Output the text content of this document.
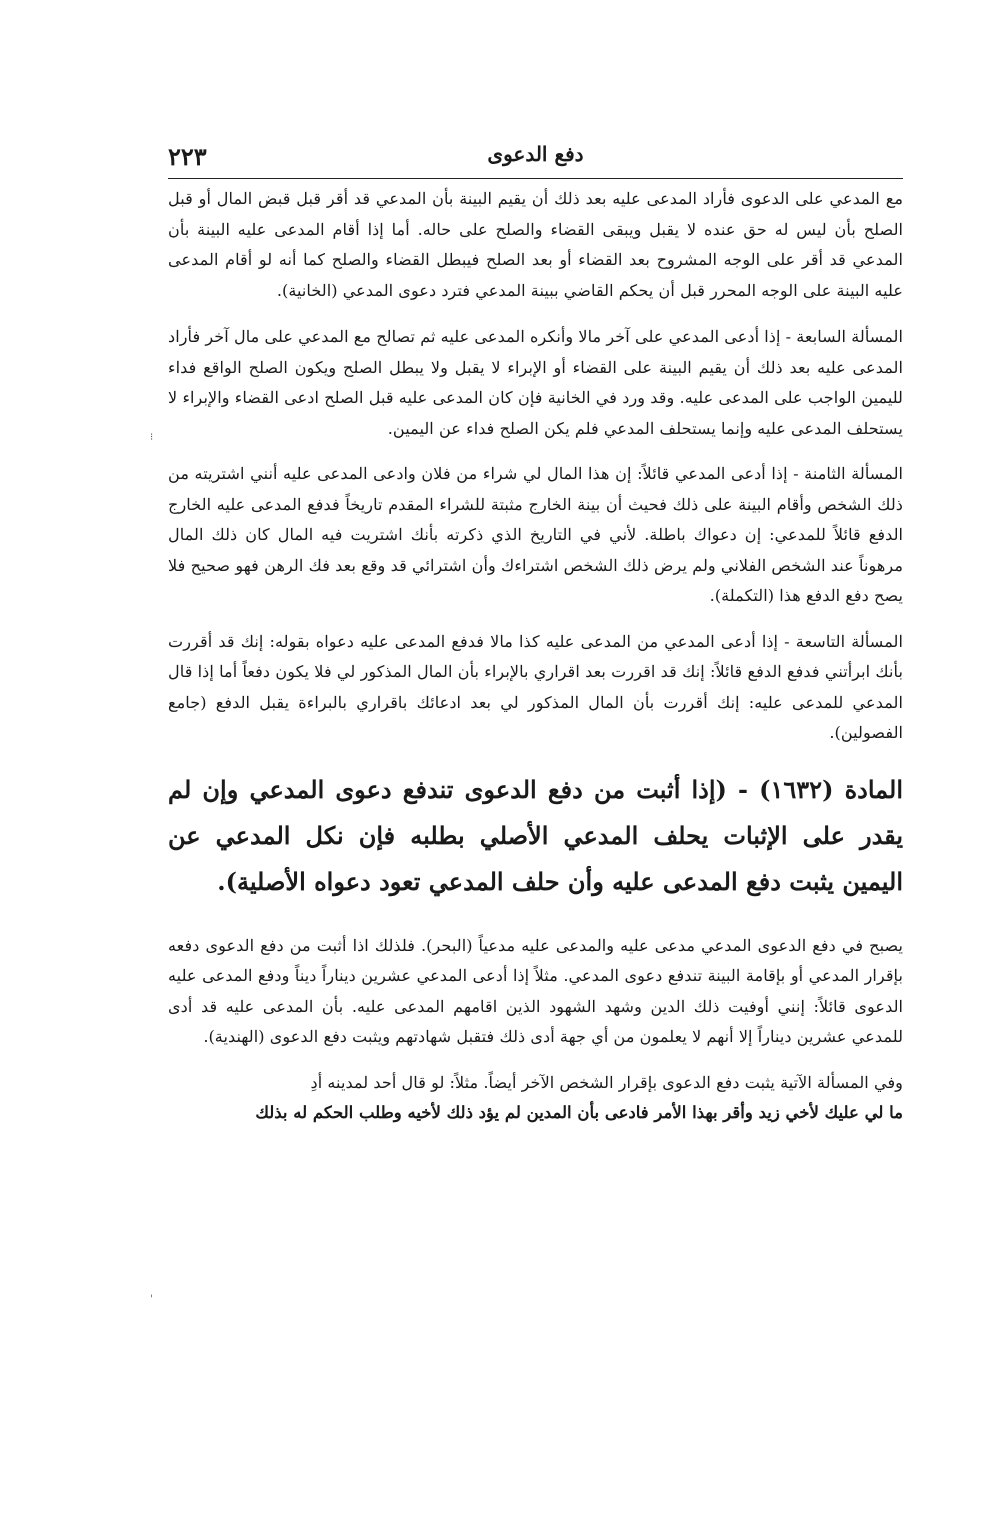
٢٢٣	دفع الدعوى
⁝
'

مع المدعي على الدعوى فأراد المدعى عليه بعد ذلك أن يقيم البينة بأن المدعي قد أقر قبل قبض المال أو قبل الصلح بأن ليس له حق عنده لا يقبل ويبقى القضاء والصلح على حاله. أما إذا أقام المدعى عليه البينة بأن المدعي قد أقر على الوجه المشروح بعد القضاء أو بعد الصلح فيبطل القضاء والصلح كما أنه لو أقام المدعى عليه البينة على الوجه المحرر قبل أن يحكم القاضي ببينة المدعي فترد دعوى المدعي (الخانية).

المسألة السابعة - إذا أدعى المدعي على آخر مالا وأنكره المدعى عليه ثم تصالح مع المدعي على مال آخر فأراد المدعى عليه بعد ذلك أن يقيم البينة على القضاء أو الإبراء لا يقبل ولا يبطل الصلح ويكون الصلح الواقع فداء لليمين الواجب على المدعى عليه. وقد ورد في الخانية فإن كان المدعى عليه قبل الصلح ادعى القضاء والإبراء لا يستحلف المدعى عليه وإنما يستحلف المدعي فلم يكن الصلح فداء عن اليمين.

المسألة الثامنة - إذا أدعى المدعي قائلاً: إن هذا المال لي شراء من فلان وادعى المدعى عليه أنني اشتريته من ذلك الشخص وأقام البينة على ذلك فحيث أن بينة الخارج مثبتة للشراء المقدم تاريخاً فدفع المدعى عليه الخارج الدفع قائلاً للمدعي: إن دعواك باطلة. لأني في التاريخ الذي ذكرته بأنك اشتريت فيه المال كان ذلك المال مرهوناً عند الشخص الفلاني ولم يرض ذلك الشخص اشتراءك وأن اشترائي قد وقع بعد فك الرهن فهو صحيح فلا يصح دفع الدفع هذا (التكملة).

المسألة التاسعة - إذا أدعى المدعي من المدعى عليه كذا مالا فدفع المدعى عليه دعواه بقوله: إنك قد أقررت بأنك ابرأتني فدفع الدفع قائلاً: إنك قد اقررت بعد اقراري بالإبراء بأن المال المذكور لي فلا يكون دفعاً أما إذا قال المدعي للمدعى عليه: إنك أقررت بأن المال المذكور لي بعد ادعائك باقراري بالبراءة يقبل الدفع (جامع الفصولين).

المادة (١٦٣٢) - (إذا أثبت من دفع الدعوى تندفع دعوى المدعي وإن لم يقدر على الإثبات يحلف المدعي الأصلي بطلبه فإن نكل المدعي عن اليمين يثبت دفع المدعى عليه وأن حلف المدعي تعود دعواه الأصلية).

يصبح في دفع الدعوى المدعي مدعى عليه والمدعى عليه مدعياً (البحر). فلذلك اذا أثبت من دفع الدعوى دفعه بإقرار المدعي أو بإقامة البينة تندفع دعوى المدعي. مثلاً إذا أدعى المدعي عشرين ديناراً ديناً ودفع المدعى عليه الدعوى قائلاً: إنني أوفيت ذلك الدين وشهد الشهود الذين اقامهم المدعى عليه. بأن المدعى عليه قد أدى للمدعي عشرين ديناراً إلا أنهم لا يعلمون من أي جهة أدى ذلك فتقبل شهادتهم ويثبت دفع الدعوى (الهندية).

وفي المسألة الآتية يثبت دفع الدعوى بإقرار الشخص الآخر أيضاً. مثلاً: لو قال أحد لمدينه أدِ
ما لي عليك لأخي زيد وأقر بهذا الأمر فادعى بأن المدين لم يؤد ذلك لأخيه وطلب الحكم له بذلك
